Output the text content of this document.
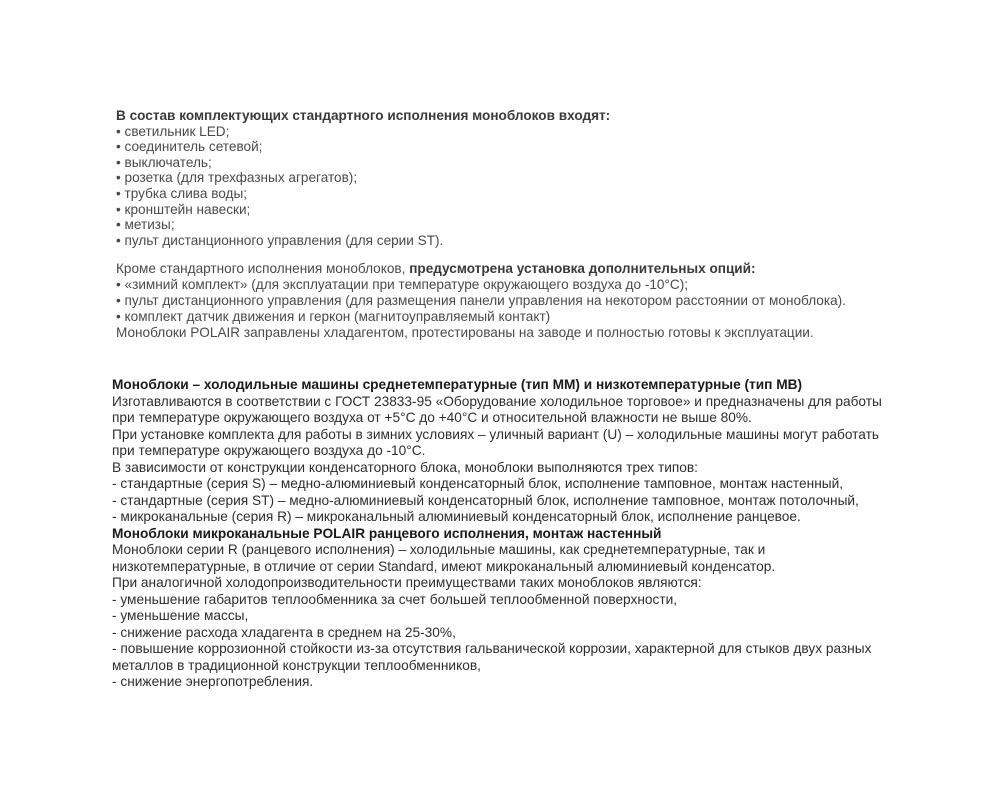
В состав комплектующих стандартного исполнения моноблоков входят:
• светильник LED;
• соединитель сетевой;
• выключатель;
• розетка (для трехфазных агрегатов);
• трубка слива воды;
• кронштейн навески;
• метизы;
• пульт дистанционного управления (для серии ST).
Кроме стандартного исполнения моноблоков, предусмотрена установка дополнительных опций:
• «зимний комплект» (для эксплуатации при температуре окружающего воздуха до -10°С);
• пульт дистанционного управления (для размещения панели управления на некотором расстоянии от моноблока).
• комплект датчик движения и геркон (магнитоуправляемый контакт)
Моноблоки POLAIR заправлены хладагентом, протестированы на заводе и полностью готовы к эксплуатации.
Моноблоки – холодильные машины среднетемпературные (тип ММ) и низкотемпературные (тип МВ)
Изготавливаются в соответствии с ГОСТ 23833-95 «Оборудование холодильное торговое» и предназначены для работы
при температуре окружающего воздуха от +5°С до +40°С и относительной влажности не выше 80%.
При установке комплекта для работы в зимних условиях – уличный вариант (U) – холодильные машины могут работать
при температуре окружающего воздуха до -10°С.
В зависимости от конструкции конденсаторного блока, моноблоки выполняются трех типов:
- стандартные (серия S) – медно-алюминиевый конденсаторный блок, исполнение тамповное, монтаж настенный,
- стандартные (серия ST) – медно-алюминиевый конденсаторный блок, исполнение тамповное, монтаж потолочный,
- микроканальные (серия R) – микроканальный алюминиевый конденсаторный блок, исполнение ранцевое.
Моноблоки микроканальные POLAIR ранцевого исполнения, монтаж настенный
Моноблоки серии R (ранцевого исполнения) – холодильные машины, как среднетемпературные, так и
низкотемпературные, в отличие от серии Standard, имеют микроканальный алюминиевый конденсатор.
При аналогичной холодопроизводительности преимуществами таких моноблоков являются:
- уменьшение габаритов теплообменника за счет большей теплообменной поверхности,
- уменьшение массы,
- снижение расхода хладагента в среднем на 25-30%,
- повышение коррозионной стойкости из-за отсутствия гальванической коррозии, характерной для стыков двух разных
металлов в традиционной конструкции теплообменников,
- снижение энергопотребления.
